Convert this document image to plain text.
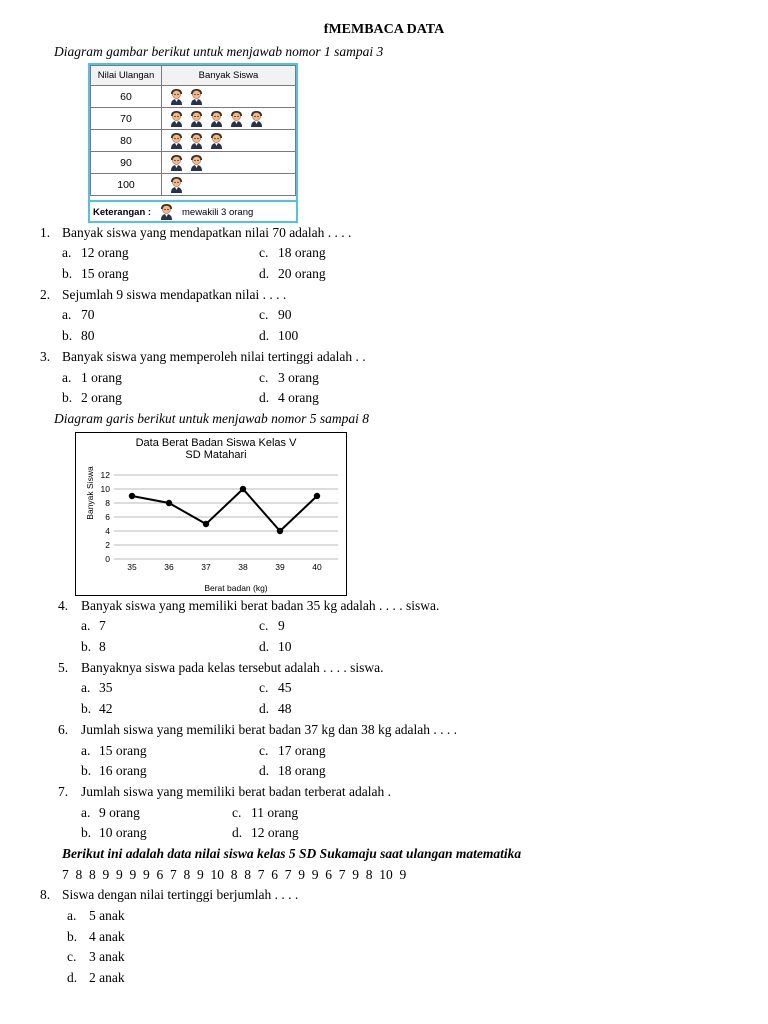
fMEMBACA DATA
Diagram gambar berikut untuk menjawab nomor 1 sampai 3
Nilai Ulangan	Banyak Siswa
60	
70	
80	
90	
100	
Keterangan :	mewakili 3 orang
1. Banyak siswa yang mendapatkan nilai 70 adalah . . . .
a. 12 orang
b. 15 orang
c. 18 orang
d. 20 orang
2. Sejumlah 9 siswa mendapatkan nilai . . . .
a. 70
b. 80
c. 90
d. 100
3. Banyak siswa yang memperoleh nilai tertinggi adalah . .
a. 1 orang
b. 2 orang
c. 3 orang
d. 4 orang
Diagram garis berikut untuk menjawab nomor 5 sampai 8
0
2
4
6
8
10
12
35	36	37	38	39	40
Data Berat Badan Siswa Kelas V
SD Matahari
Berat badan (kg)
Banyak Siswa
4. Banyak siswa yang memiliki berat badan 35 kg adalah . . . . siswa.
a. 7
b. 8
c. 9
d. 10
5. Banyaknya siswa pada kelas tersebut adalah . . . . siswa.
a. 35
b. 42
c. 45
d. 48
6. Jumlah siswa yang memiliki berat badan 37 kg dan 38 kg adalah . . . .
a. 15 orang
b. 16 orang
c. 17 orang
d. 18 orang
7. Jumlah siswa yang memiliki berat badan terberat adalah .
a. 9 orang
b. 10 orang
c. 11 orang
d. 12 orang
Berikut ini adalah data nilai siswa kelas 5 SD Sukamaju saat ulangan matematika
7  8  8  9  9  9  9  6  7  8  9  10  8  8  7  6  7  9  9  6  7  9  8  10  9
8. Siswa dengan nilai tertinggi berjumlah . . . .
a. 5 anak
b. 4 anak
c. 3 anak
d. 2 anak
